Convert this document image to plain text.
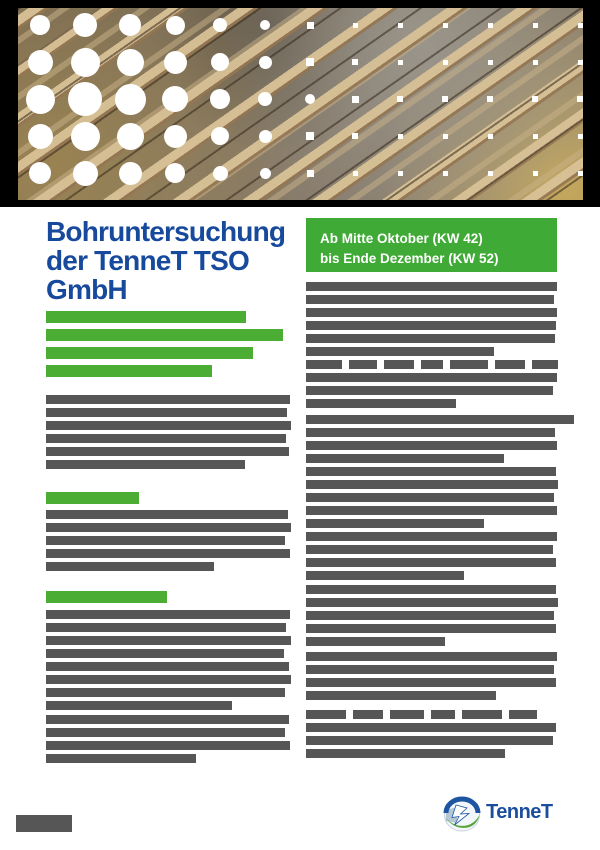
Bohruntersuchung
der TenneT TSO
GmbH
Ab Mitte Oktober (KW 42)
bis Ende Dezember (KW 52)
TenneT
